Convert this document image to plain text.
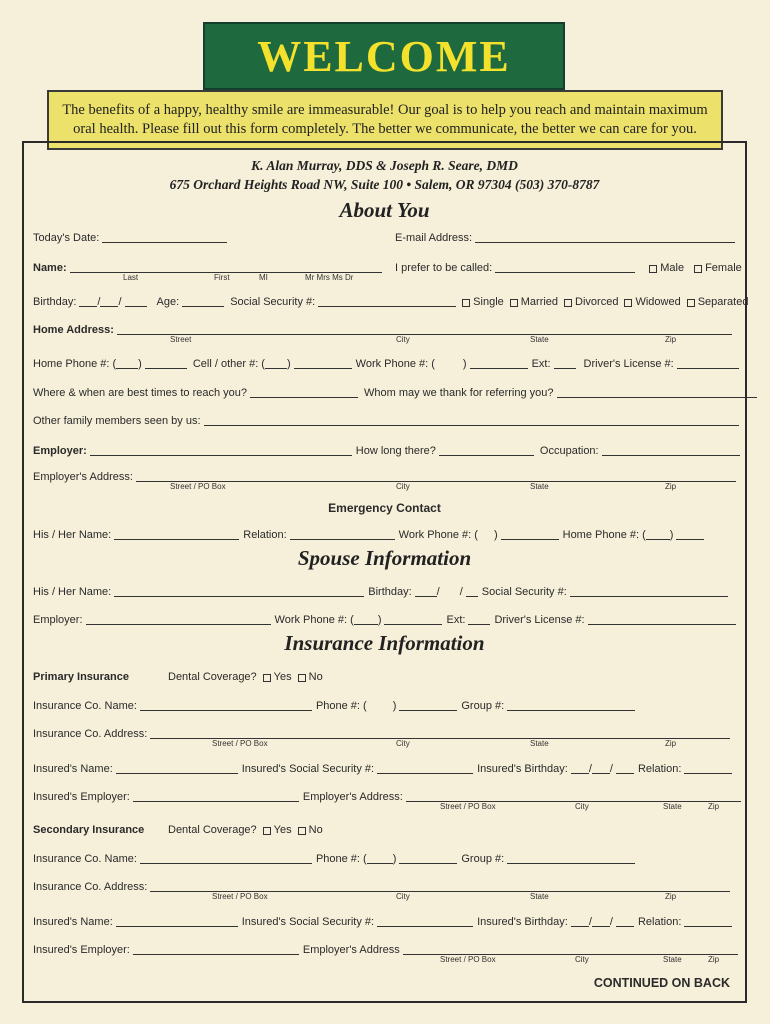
WELCOME
The benefits of a happy, healthy smile are immeasurable! Our goal is to help you reach and maintain maximum
oral health. Please fill out this form completely. The better we communicate, the better we can care for you.
K. Alan Murray, DDS & Joseph R. Seare, DMD
675 Orchard Heights Road NW, Suite 100 • Salem, OR 97304 (503) 370-8787
About You
Today's Date:	E-mail Address:
Name:
Last	First	MI	Mr Mrs Ms Dr
I prefer to be called:	Male Female
Birthday: / /	Age:	Social Security #:	Single Married Divorced Widowed Separated
Home Address:
Street	City	State	Zip
Home Phone #: ( )	Cell / other #: ( )	Work Phone #: (	)	Ext:	Driver's License #:
Where & when are best times to reach you?	Whom may we thank for referring you?
Other family members seen by us:
Employer:	How long there?	Occupation:
Employer's Address:
Street / PO Box	City	State	Zip
Emergency Contact
His / Her Name:	Relation:	Work Phone #: ( )	Home Phone #: ( )
Spouse Information
His / Her Name:	Birthday: / / Social Security #:
Employer:	Work Phone #: ( )	Ext:	Driver's License #:
Insurance Information
Primary Insurance	Dental Coverage? Yes No
Insurance Co. Name:	Phone #: ( )	Group #:
Insurance Co. Address:
Street / PO Box	City	State	Zip
Insured's Name:	Insured's Social Security #:	Insured's Birthday: / / Relation:
Insured's Employer:	Employer's Address:
Street / PO Box	City	State	Zip
Secondary Insurance	Dental Coverage? Yes No
Insurance Co. Name:	Phone #: ( )	Group #:
Insurance Co. Address:
Street / PO Box	City	State	Zip
Insured's Name:	Insured's Social Security #:	Insured's Birthday: / / Relation:
Insured's Employer:	Employer's Address
Street / PO Box	City	State	Zip
CONTINUED ON BACK
